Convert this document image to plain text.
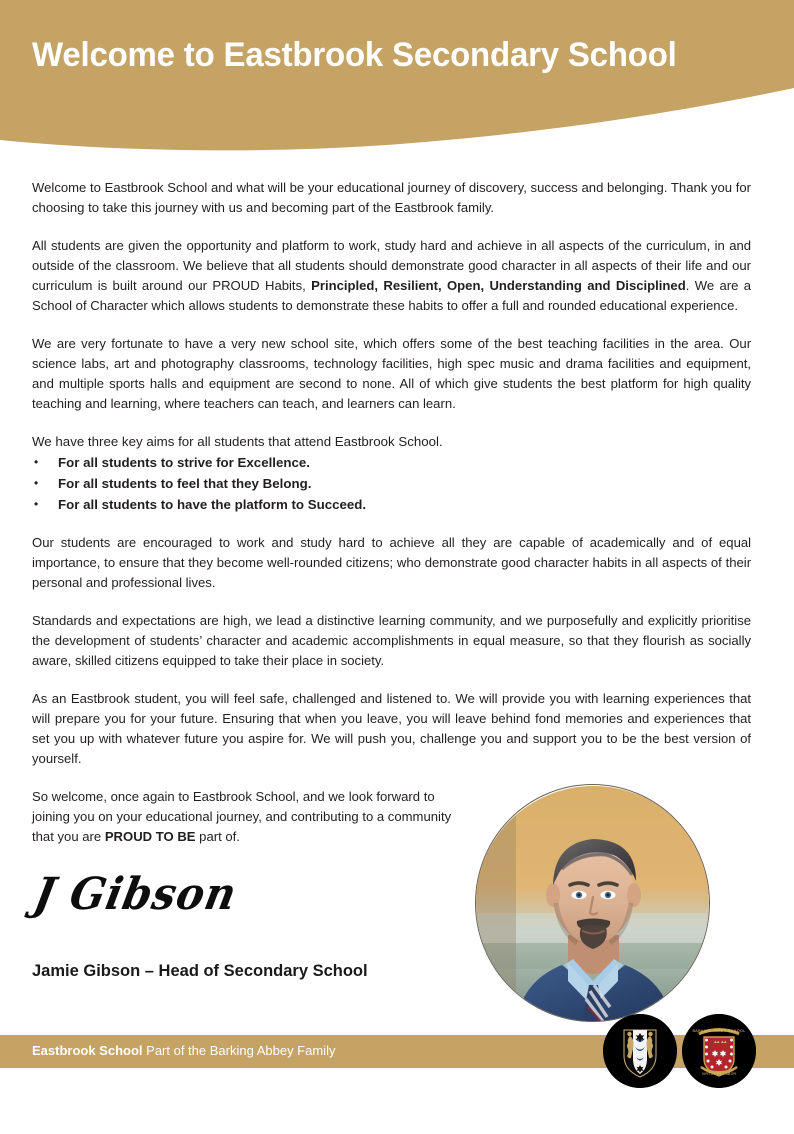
Welcome to Eastbrook Secondary School

Welcome to Eastbrook School and what will be your educational journey of discovery, success and belonging. Thank you for choosing to take this journey with us and becoming part of the Eastbrook family.

All students are given the opportunity and platform to work, study hard and achieve in all aspects of the curriculum, in and outside of the classroom. We believe that all students should demonstrate good character in all aspects of their life and our curriculum is built around our PROUD Habits, Principled, Resilient, Open, Understanding and Disciplined. We are a School of Character which allows students to demonstrate these habits to offer a full and rounded educational experience.

We are very fortunate to have a very new school site, which offers some of the best teaching facilities in the area. Our science labs, art and photography classrooms, technology facilities, high spec music and drama facilities and equipment, and multiple sports halls and equipment are second to none. All of which give students the best platform for high quality teaching and learning, where teachers can teach, and learners can learn.

We have three key aims for all students that attend Eastbrook School.

• For all students to strive for Excellence.
• For all students to feel that they Belong.
• For all students to have the platform to Succeed.

Our students are encouraged to work and study hard to achieve all they are capable of academically and of equal importance, to ensure that they become well-rounded citizens; who demonstrate good character habits in all aspects of their personal and professional lives.

Standards and expectations are high, we lead a distinctive learning community, and we purposefully and explicitly prioritise the development of students’ character and academic accomplishments in equal measure, so that they flourish as socially aware, skilled citizens equipped to take their place in society.

As an Eastbrook student, you will feel safe, challenged and listened to. We will provide you with learning experiences that will prepare you for your future. Ensuring that when you leave, you will leave behind fond memories and experiences that set you up with whatever future you aspire for. We will push you, challenge you and support you to be the best version of yourself.

So welcome, once again to Eastbrook School, and we look forward to joining you on your educational journey, and contributing to a community that you are PROUD TO BE part of.

J Gibson
Jamie Gibson – Head of Secondary School
Eastbrook School Part of the Barking Abbey Family
BARKING ABBEY SCHOOL
VIRTUS ET LABOR
